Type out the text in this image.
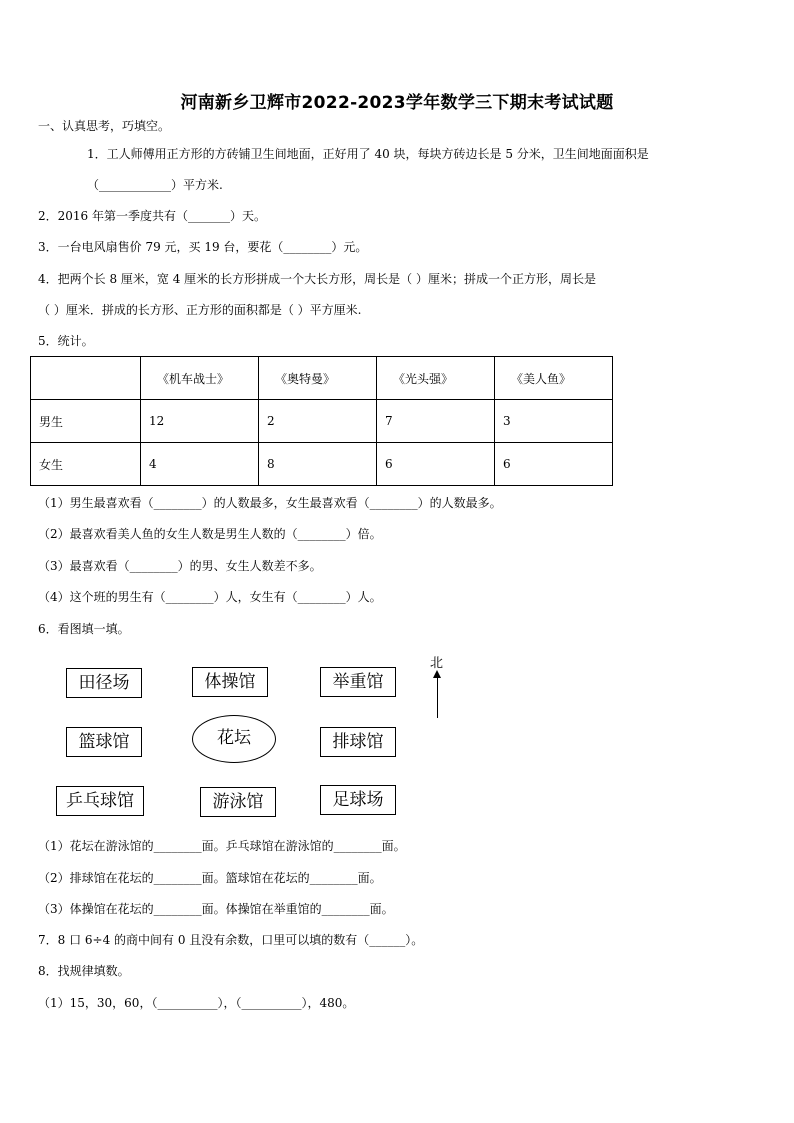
河南新乡卫辉市2022-2023学年数学三下期末考试试题
一、认真思考，巧填空。
1．工人师傅用正方形的方砖铺卫生间地面，正好用了 40 块，每块方砖边长是 5 分米，卫生间地面面积是
（____________）平方米.
2．2016 年第一季度共有（_______）天。
3．一台电风扇售价 79 元，买 19 台，要花（________）元。
4．把两个长 8 厘米，宽 4 厘米的长方形拼成一个大长方形，周长是（ ）厘米；拼成一个正方形，周长是
（ ）厘米．拼成的长方形、正方形的面积都是（ ）平方厘米.
5．统计。
	《机车战士》	《奥特曼》	《光头强》	《美人鱼》
男生	12	2	7	3
女生	4	8	6	6
（1）男生最喜欢看（________）的人数最多，女生最喜欢看（________）的人数最多。
（2）最喜欢看美人鱼的女生人数是男生人数的（________）倍。
（3）最喜欢看（________）的男、女生人数差不多。
（4）这个班的男生有（________）人，女生有（________）人。
6．看图填一填。
北
田径场	体操馆	举重馆
篮球馆	花坛	排球馆
乒乓球馆	游泳馆	足球场
（1）花坛在游泳馆的________面。乒乓球馆在游泳馆的________面。
（2）排球馆在花坛的________面。篮球馆在花坛的________面。
（3）体操馆在花坛的________面。体操馆在举重馆的________面。
7．8 口 6÷4 的商中间有 0 且没有余数，口里可以填的数有（______）。
8．找规律填数。
（1）15，30，60，（__________），（__________），480。
